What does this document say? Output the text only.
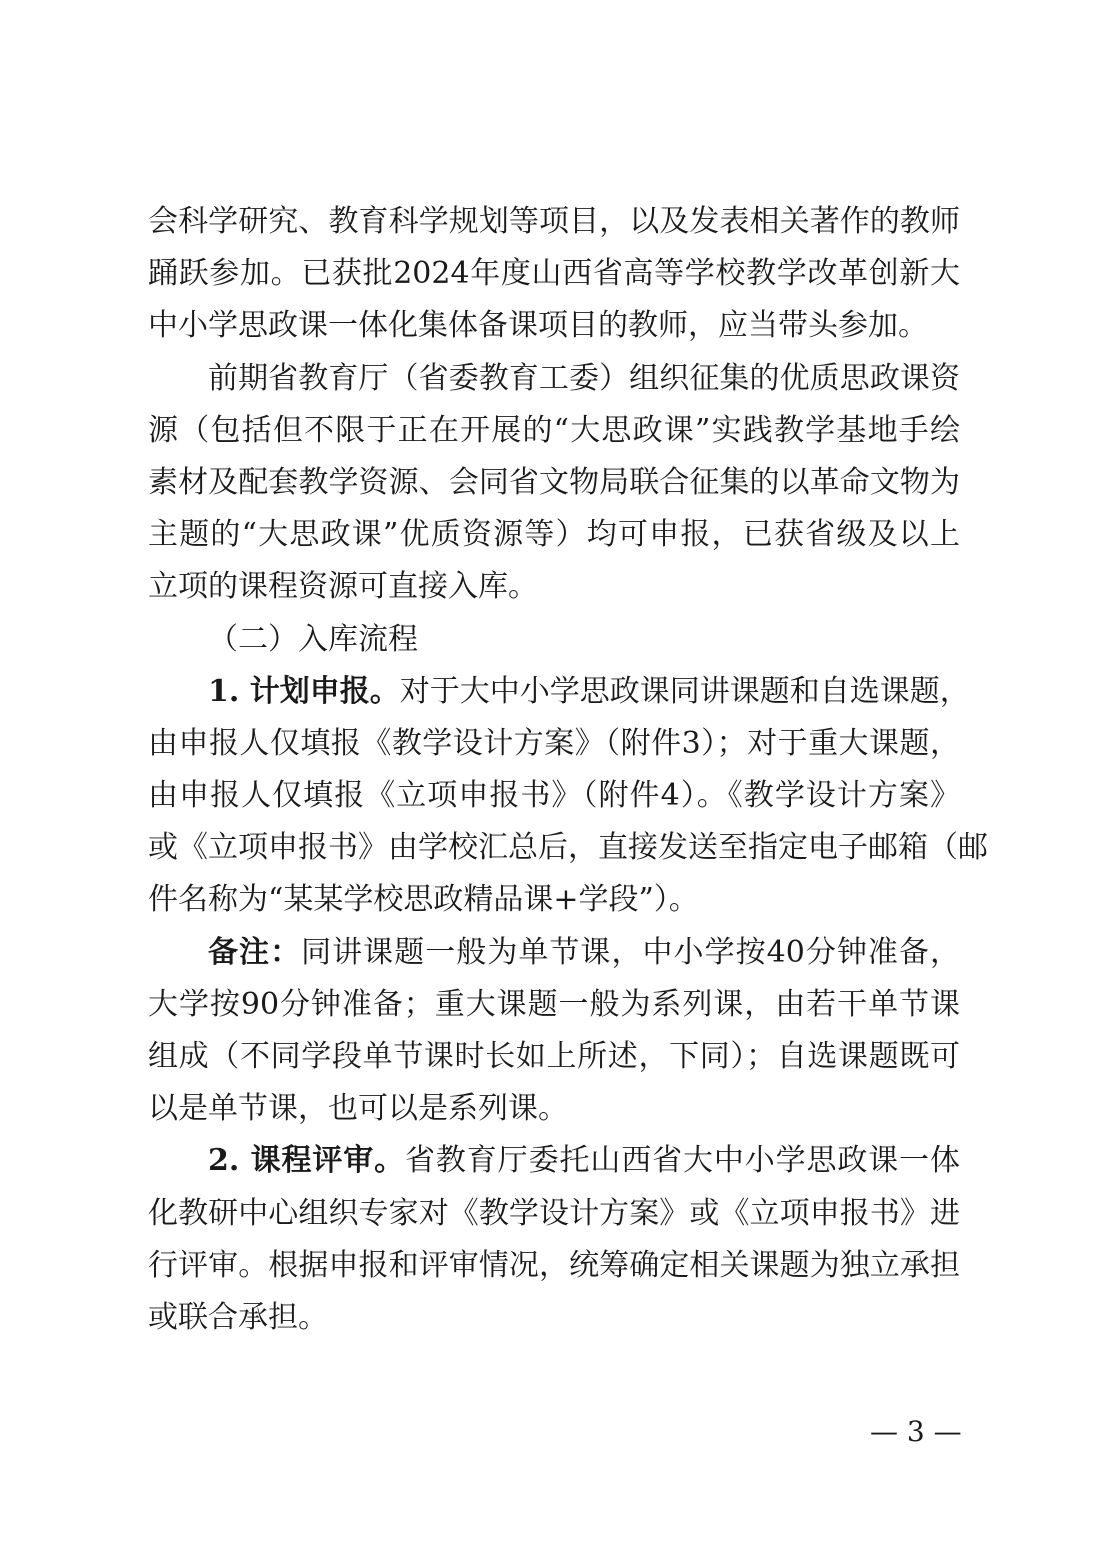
会科学研究、教育科学规划等项目，以及发表相关著作的教师
踊跃参加。已获批2024年度山西省高等学校教学改革创新大
中小学思政课一体化集体备课项目的教师，应当带头参加。

前期省教育厅（省委教育工委）组织征集的优质思政课资
源（包括但不限于正在开展的“大思政课”实践教学基地手绘
素材及配套教学资源、会同省文物局联合征集的以革命文物为
主题的“大思政课”优质资源等）均可申报，已获省级及以上
立项的课程资源可直接入库。

（二）入库流程

1. 计划申报。对于大中小学思政课同讲课题和自选课题，
由申报人仅填报《教学设计方案》（附件3）；对于重大课题，
由申报人仅填报《立项申报书》（附件4）。《教学设计方案》
或《立项申报书》由学校汇总后，直接发送至指定电子邮箱（邮
件名称为“某某学校思政精品课+学段”）。

备注：同讲课题一般为单节课，中小学按40分钟准备，
大学按90分钟准备；重大课题一般为系列课，由若干单节课
组成（不同学段单节课时长如上所述，下同）；自选课题既可
以是单节课，也可以是系列课。

2. 课程评审。省教育厅委托山西省大中小学思政课一体
化教研中心组织专家对《教学设计方案》或《立项申报书》进
行评审。根据申报和评审情况，统筹确定相关课题为独立承担
或联合承担。

— 3 —
